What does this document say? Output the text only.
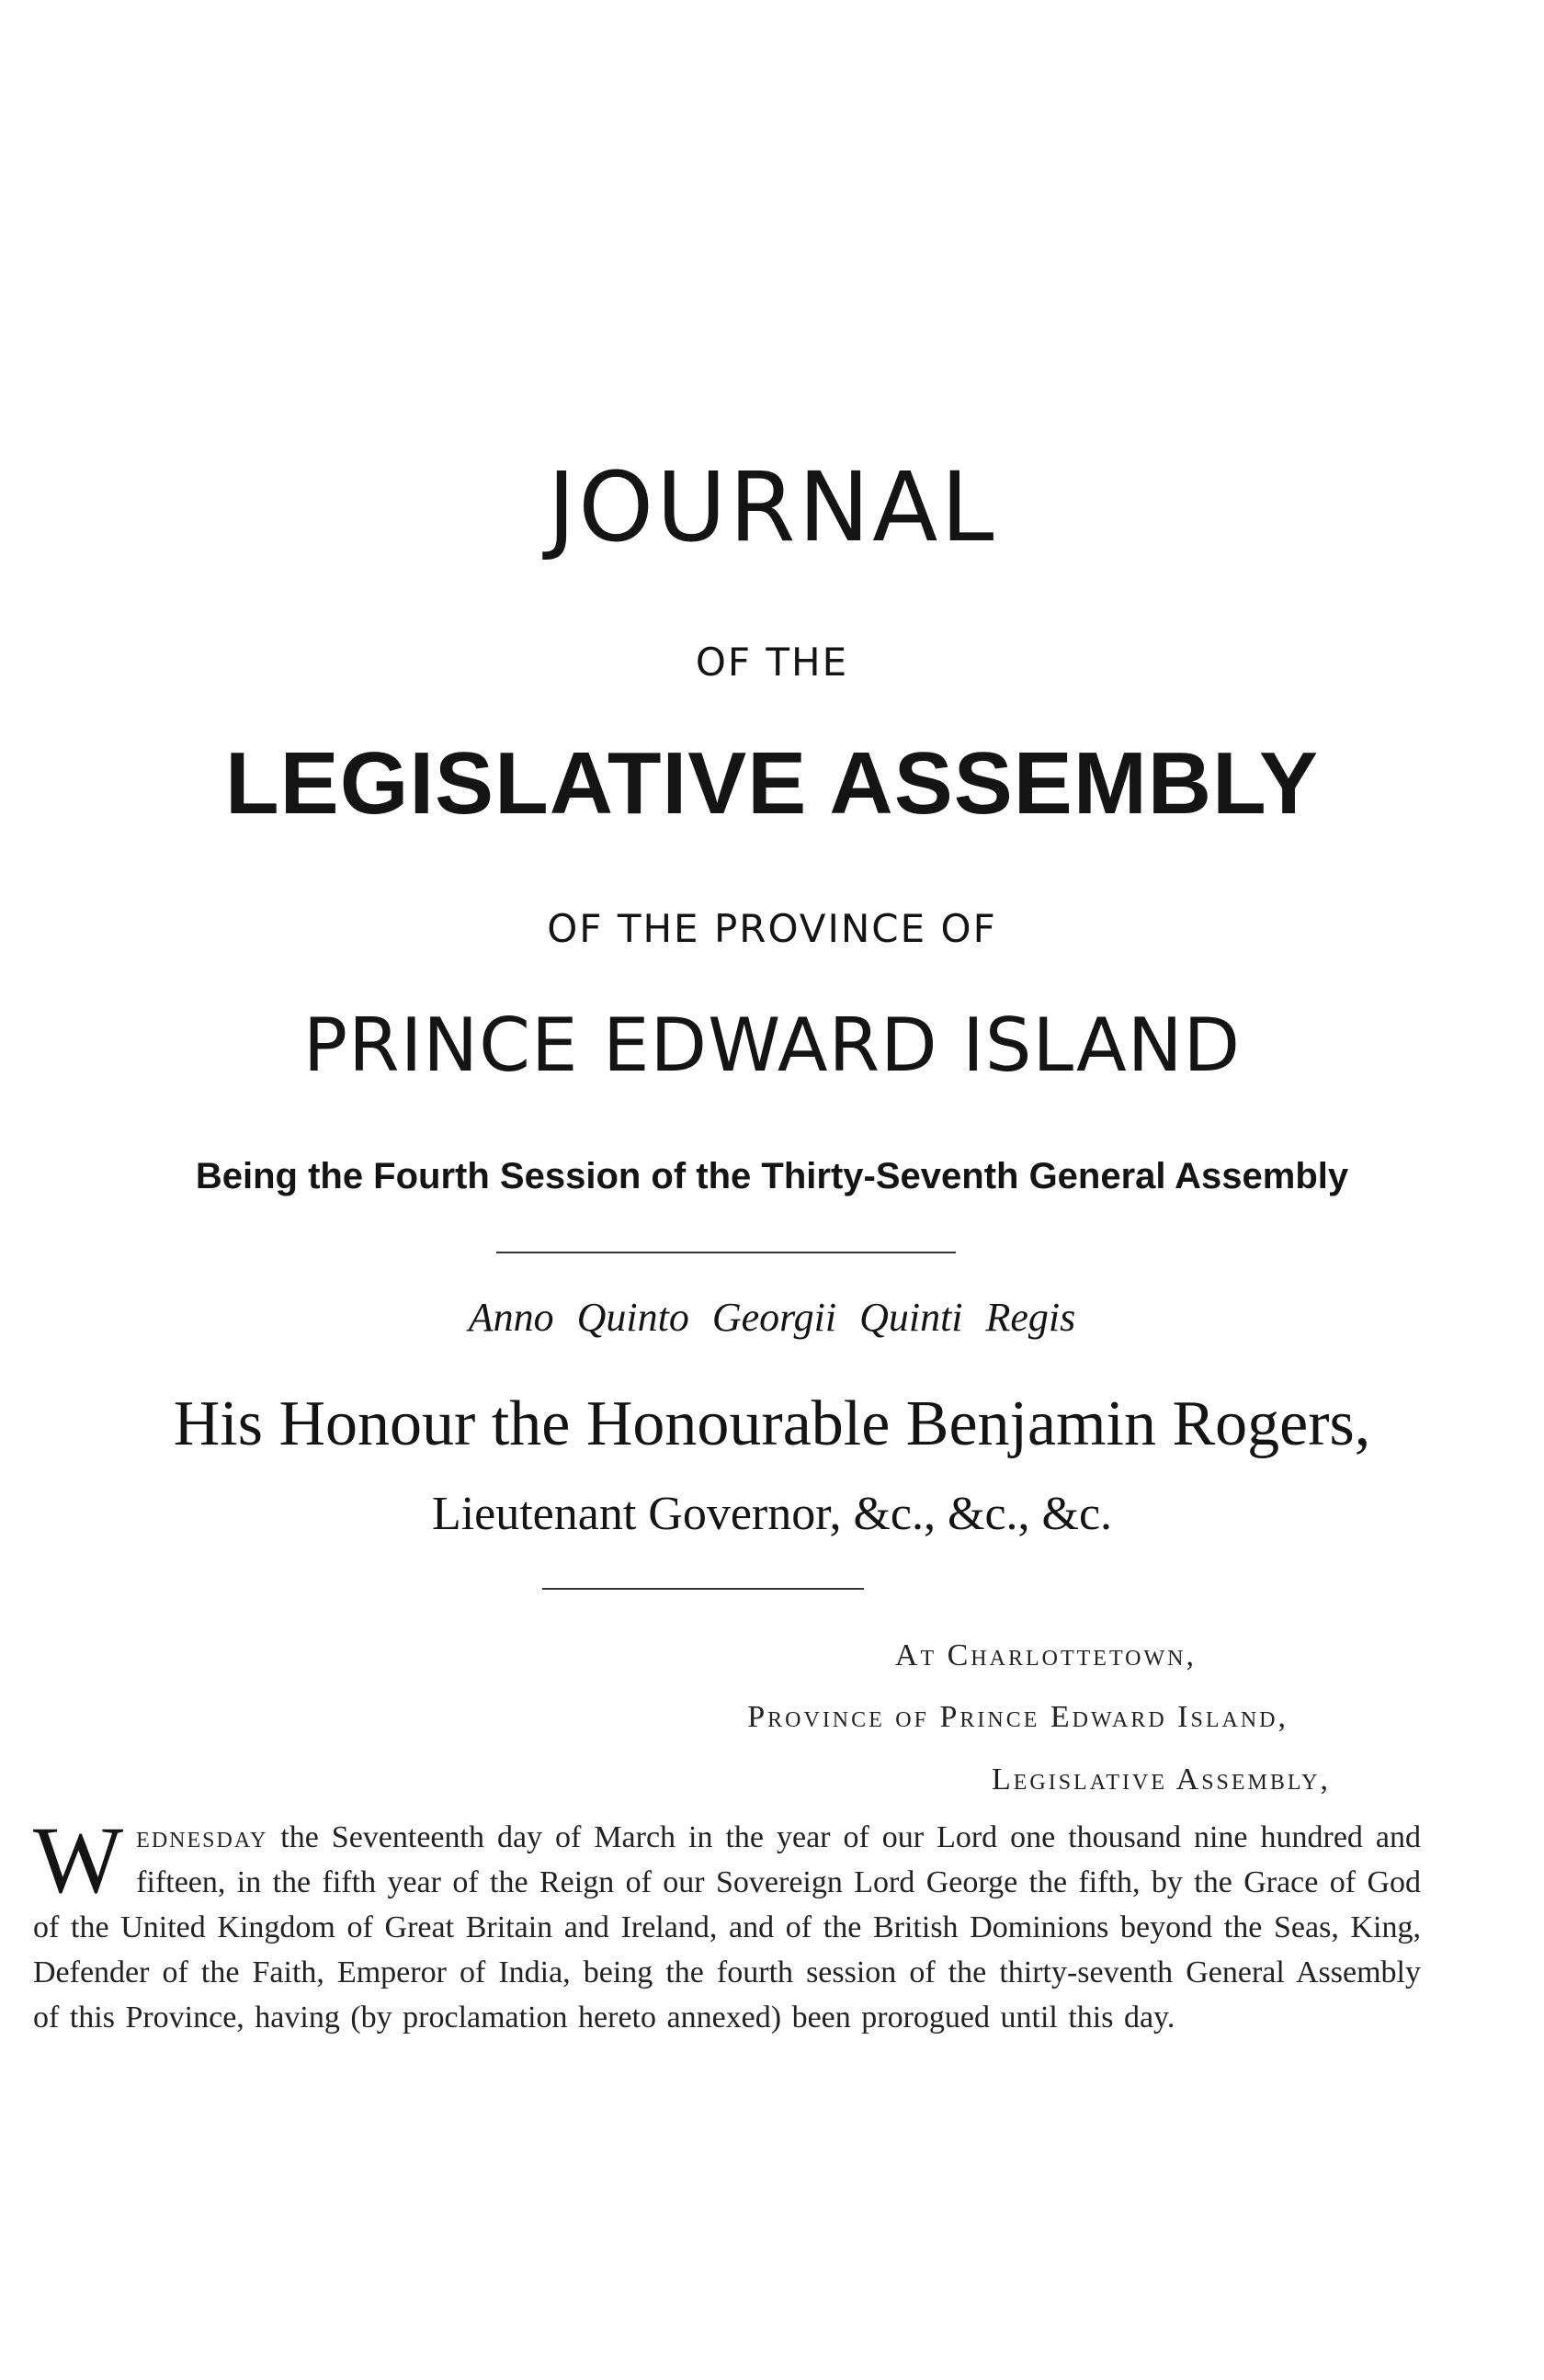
JOURNAL
OF THE
LEGISLATIVE ASSEMBLY
OF THE PROVINCE OF
PRINCE EDWARD ISLAND
Being the Fourth Session of the Thirty-Seventh General Assembly
Anno Quinto Georgii Quinti Regis
His Honour the Honourable Benjamin Rogers,
Lieutenant Governor, &c., &c., &c.
At Charlottetown,
Province of Prince Edward Island,
Legislative Assembly,
Wednesday the Seventeenth day of March in the year of our Lord one thousand nine hundred and fifteen, in the fifth year of the Reign of our Sovereign Lord George the fifth, by the Grace of God of the United Kingdom of Great Britain and Ireland, and of the British Dominions beyond the Seas, King, Defender of the Faith, Emperor of India, being the fourth session of the thirty-seventh General Assembly of this Province, having (by proclamation hereto annexed) been prorogued until this day.
